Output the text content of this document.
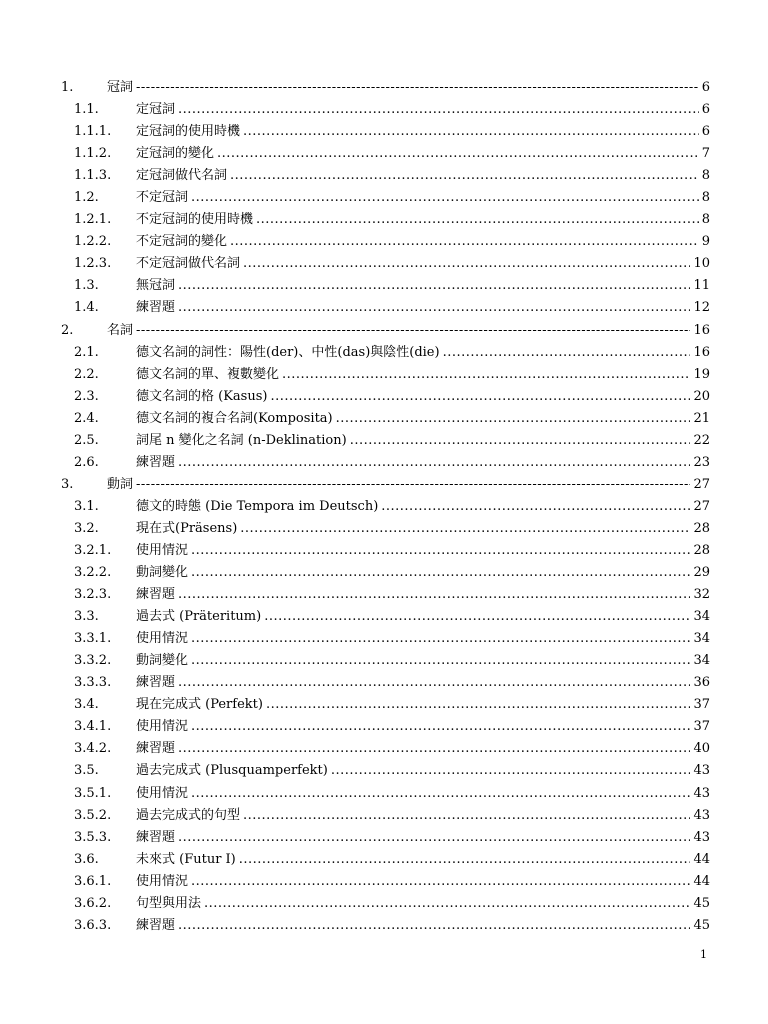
1.	冠詞 -----	6
1.1.	定冠詞 .....	6
1.1.1.	定冠詞的使用時機 .....	6
1.1.2.	定冠詞的變化 .....	7
1.1.3.	定冠詞做代名詞 .....	8
1.2.	不定冠詞 .....	8
1.2.1.	不定冠詞的使用時機 .....	8
1.2.2.	不定冠詞的變化 .....	9
1.2.3.	不定冠詞做代名詞 .....	10
1.3.	無冠詞 .....	11
1.4.	練習題 .....	12
2.	名詞 -----	16
2.1.	德文名詞的詞性：陽性(der)、中性(das)與陰性(die) .....	16
2.2.	德文名詞的單、複數變化 .....	19
2.3.	德文名詞的格 (Kasus) .....	20
2.4.	德文名詞的複合名詞(Komposita) .....	21
2.5.	詞尾 n 變化之名詞 (n-Deklination) .....	22
2.6.	練習題 .....	23
3.	動詞 -----	27
3.1.	德文的時態 (Die Tempora im Deutsch) .....	27
3.2.	現在式(Präsens) .....	28
3.2.1.	使用情況 .....	28
3.2.2.	動詞變化 .....	29
3.2.3.	練習題 .....	32
3.3.	過去式 (Präteritum) .....	34
3.3.1.	使用情況 .....	34
3.3.2.	動詞變化 .....	34
3.3.3.	練習題 .....	36
3.4.	現在完成式 (Perfekt) .....	37
3.4.1.	使用情況 .....	37
3.4.2.	練習題 .....	40
3.5.	過去完成式 (Plusquamperfekt) .....	43
3.5.1.	使用情況 .....	43
3.5.2.	過去完成式的句型 .....	43
3.5.3.	練習題 .....	43
3.6.	未來式 (Futur I) .....	44
3.6.1.	使用情況 .....	44
3.6.2.	句型與用法 .....	45
3.6.3.	練習題 .....	45
1
